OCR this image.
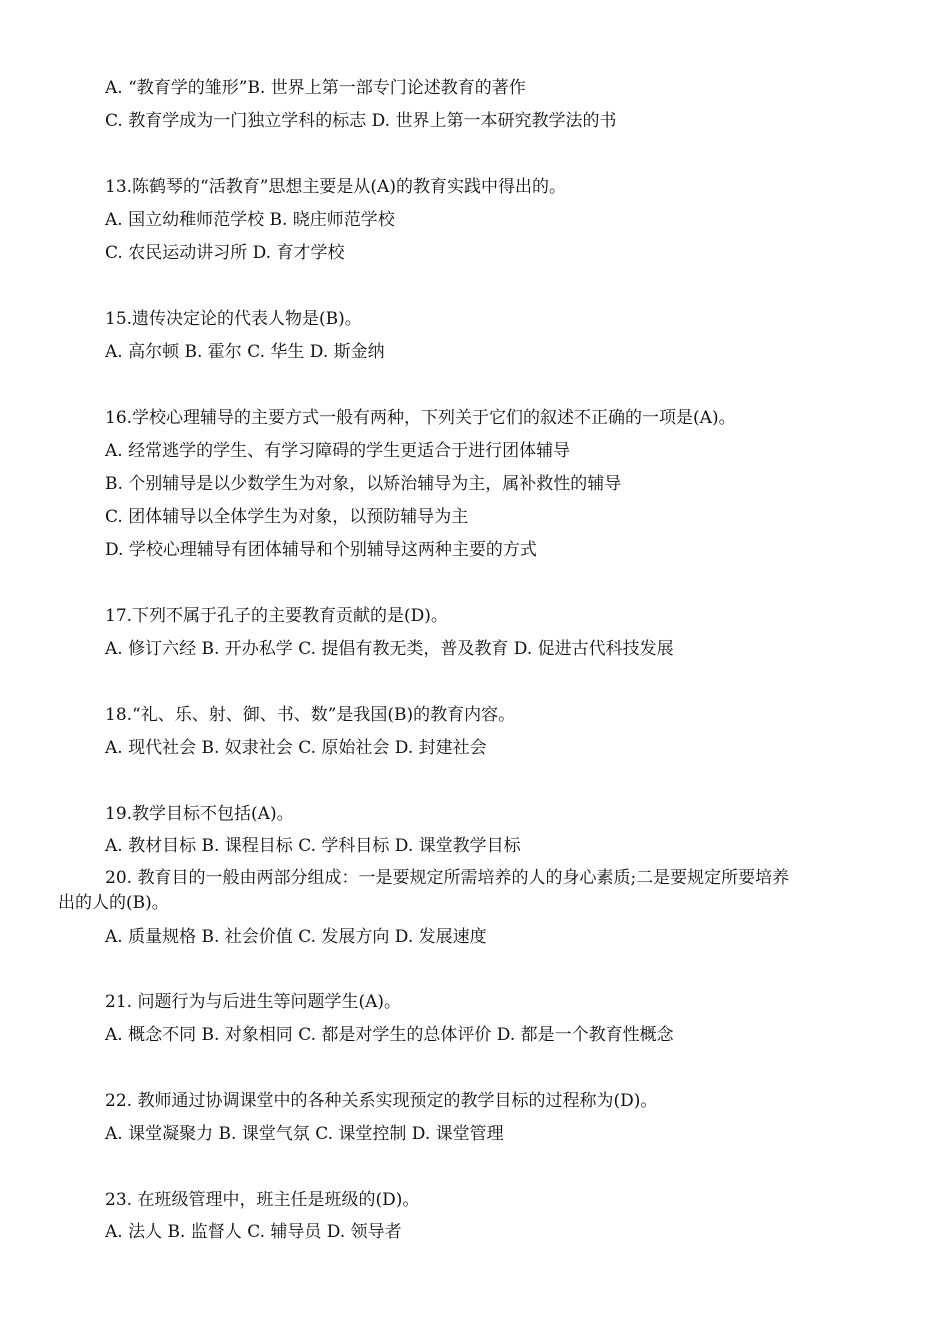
A. “教育学的雏形”B. 世界上第一部专门论述教育的著作
C. 教育学成为一门独立学科的标志 D. 世界上第一本研究教学法的书
13.陈鹤琴的“活教育”思想主要是从(A)的教育实践中得出的。
A. 国立幼稚师范学校 B. 晓庄师范学校
C. 农民运动讲习所 D. 育才学校
15.遗传决定论的代表人物是(B)。
A. 高尔顿 B. 霍尔 C. 华生 D. 斯金纳
16.学校心理辅导的主要方式一般有两种，下列关于它们的叙述不正确的一项是(A)。
A. 经常逃学的学生、有学习障碍的学生更适合于进行团体辅导
B. 个别辅导是以少数学生为对象，以矫治辅导为主，属补救性的辅导
C. 团体辅导以全体学生为对象，以预防辅导为主
D. 学校心理辅导有团体辅导和个别辅导这两种主要的方式
17.下列不属于孔子的主要教育贡献的是(D)。
A. 修订六经 B. 开办私学 C. 提倡有教无类，普及教育 D. 促进古代科技发展
18.“礼、乐、射、御、书、数”是我国(B)的教育内容。
A. 现代社会 B. 奴隶社会 C. 原始社会 D. 封建社会
19.教学目标不包括(A)。
A. 教材目标 B. 课程目标 C. 学科目标 D. 课堂教学目标
20. 教育目的一般由两部分组成：一是要规定所需培养的人的身心素质;二是要规定所要培养
出的人的(B)。
A. 质量规格 B. 社会价值 C. 发展方向 D. 发展速度
21. 问题行为与后进生等问题学生(A)。
A. 概念不同 B. 对象相同 C. 都是对学生的总体评价 D. 都是一个教育性概念
22. 教师通过协调课堂中的各种关系实现预定的教学目标的过程称为(D)。
A. 课堂凝聚力 B. 课堂气氛 C. 课堂控制 D. 课堂管理
23. 在班级管理中，班主任是班级的(D)。
A. 法人 B. 监督人 C. 辅导员 D. 领导者
